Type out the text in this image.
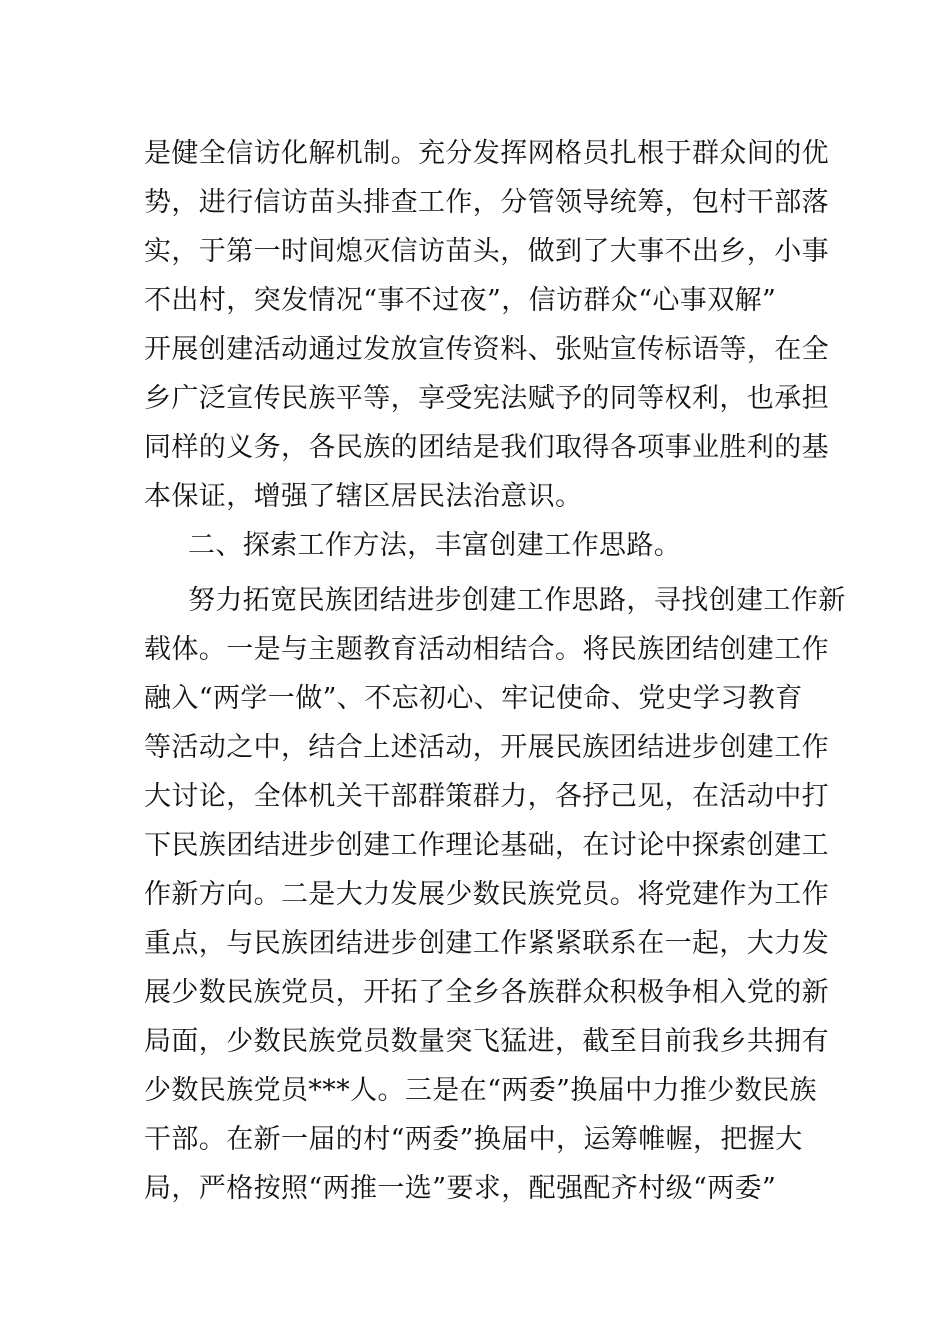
是健全信访化解机制。充分发挥网格员扎根于群众间的优
势，进行信访苗头排查工作，分管领导统筹，包村干部落
实，于第一时间熄灭信访苗头，做到了大事不出乡，小事
不出村，突发情况“事不过夜”，信访群众“心事双解”
开展创建活动通过发放宣传资料、张贴宣传标语等，在全
乡广泛宣传民族平等，享受宪法赋予的同等权利，也承担
同样的义务，各民族的团结是我们取得各项事业胜利的基
本保证，增强了辖区居民法治意识。
二、探索工作方法，丰富创建工作思路。
努力拓宽民族团结进步创建工作思路，寻找创建工作新
载体。一是与主题教育活动相结合。将民族团结创建工作
融入“两学一做”、不忘初心、牢记使命、党史学习教育
等活动之中，结合上述活动，开展民族团结进步创建工作
大讨论，全体机关干部群策群力，各抒己见，在活动中打
下民族团结进步创建工作理论基础，在讨论中探索创建工
作新方向。二是大力发展少数民族党员。将党建作为工作
重点，与民族团结进步创建工作紧紧联系在一起，大力发
展少数民族党员，开拓了全乡各族群众积极争相入党的新
局面，少数民族党员数量突飞猛进，截至目前我乡共拥有
少数民族党员***人。三是在“两委”换届中力推少数民族
干部。在新一届的村“两委”换届中，运筹帷幄，把握大
局，严格按照“两推一选”要求，配强配齐村级“两委”
